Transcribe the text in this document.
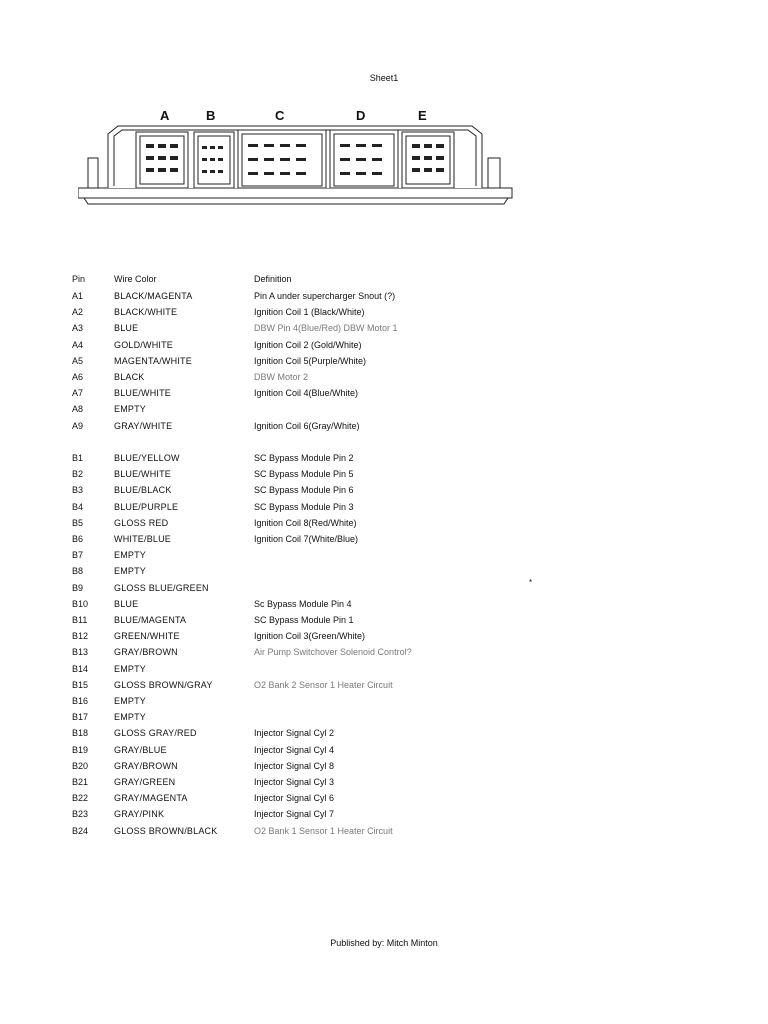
Sheet1
A	B	C	D	E
Pin	Wire Color	Definition
A1	BLACK/MAGENTA	Pin A under supercharger Snout (?)
A2	BLACK/WHITE	Ignition Coil 1 (Black/White)
A3	BLUE	DBW Pin 4(Blue/Red) DBW Motor 1
A4	GOLD/WHITE	Ignition Coil 2 (Gold/White)
A5	MAGENTA/WHITE	Ignition Coil 5(Purple/White)
A6	BLACK	DBW Motor 2
A7	BLUE/WHITE	Ignition Coil 4(Blue/White)
A8	EMPTY
A9	GRAY/WHITE	Ignition Coil 6(Gray/White)
B1	BLUE/YELLOW	SC Bypass Module Pin 2
B2	BLUE/WHITE	SC Bypass Module Pin 5
B3	BLUE/BLACK	SC Bypass Module Pin 6
B4	BLUE/PURPLE	SC Bypass Module Pin 3
B5	GLOSS RED	Ignition Coil 8(Red/White)
B6	WHITE/BLUE	Ignition Coil 7(White/Blue)
B7	EMPTY
B8	EMPTY
B9	GLOSS BLUE/GREEN
B10	BLUE	Sc Bypass Module Pin 4
B11	BLUE/MAGENTA	SC Bypass Module Pin 1
B12	GREEN/WHITE	Ignition Coil 3(Green/White)
B13	GRAY/BROWN	Air Pump Switchover Solenoid Control?
B14	EMPTY
B15	GLOSS BROWN/GRAY	O2 Bank 2 Sensor 1 Heater Circuit
B16	EMPTY
B17	EMPTY
B18	GLOSS GRAY/RED	Injector Signal Cyl 2
B19	GRAY/BLUE	Injector Signal Cyl 4
B20	GRAY/BROWN	Injector Signal Cyl 8
B21	GRAY/GREEN	Injector Signal Cyl 3
B22	GRAY/MAGENTA	Injector Signal Cyl 6
B23	GRAY/PINK	Injector Signal Cyl 7
B24	GLOSS BROWN/BLACK	O2 Bank 1 Sensor 1 Heater Circuit
*
Published by: Mitch Minton
